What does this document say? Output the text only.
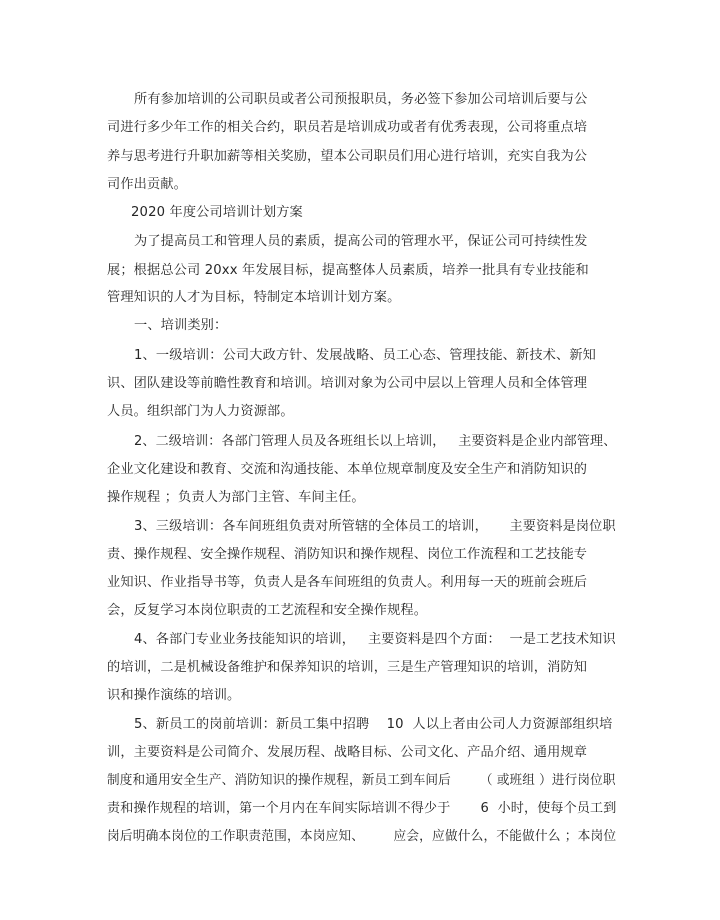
所有参加培训的公司职员或者公司预报职员，务必签下参加公司培训后要与公
司进行多少年工作的相关合约，职员若是培训成功或者有优秀表现，公司将重点培
养与思考进行升职加薪等相关奖励，望本公司职员们用心进行培训，充实自我为公
司作出贡献。
2020 年度公司培训计划方案
为了提高员工和管理人员的素质，提高公司的管理水平，保证公司可持续性发
展；根据总公司 20xx 年发展目标，提高整体人员素质，培养一批具有专业技能和
管理知识的人才为目标，特制定本培训计划方案。
一、培训类别：
1、一级培训：公司大政方针、发展战略、员工心态、管理技能、新技术、新知
识、团队建设等前瞻性教育和培训。培训对象为公司中层以上管理人员和全体管理
人员。组织部门为人力资源部。
2、二级培训：各部门管理人员及各班组长以上培训，   主要资料是企业内部管理、
企业文化建设和教育、交流和沟通技能、本单位规章制度及安全生产和消防知识的
操作规程 ；负责人为部门主管、车间主任。
3、三级培训：各车间班组负责对所管辖的全体员工的培训，     主要资料是岗位职
责、操作规程、安全操作规程、消防知识和操作规程、岗位工作流程和工艺技能专
业知识、作业指导书等，负责人是各车间班组的负责人。利用每一天的班前会班后
会，反复学习本岗位职责的工艺流程和安全操作规程。
4、各部门专业业务技能知识的培训，   主要资料是四个方面：  一是工艺技术知识
的培训，二是机械设备维护和保养知识的培训，三是生产管理知识的培训，消防知
识和操作演练的培训。
5、新员工的岗前培训：新员工集中招聘    10  人以上者由公司人力资源部组织培
训，主要资料是公司简介、发展历程、战略目标、公司文化、产品介绍、通用规章
制度和通用安全生产、消防知识的操作规程，新员工到车间后       （ 或班组 ）进行岗位职
责和操作规程的培训，第一个月内在车间实际培训不得少于       6  小时，使每个员工到
岗后明确本岗位的工作职责范围，本岗应知、       应会，应做什么，不能做什么 ；本岗位
